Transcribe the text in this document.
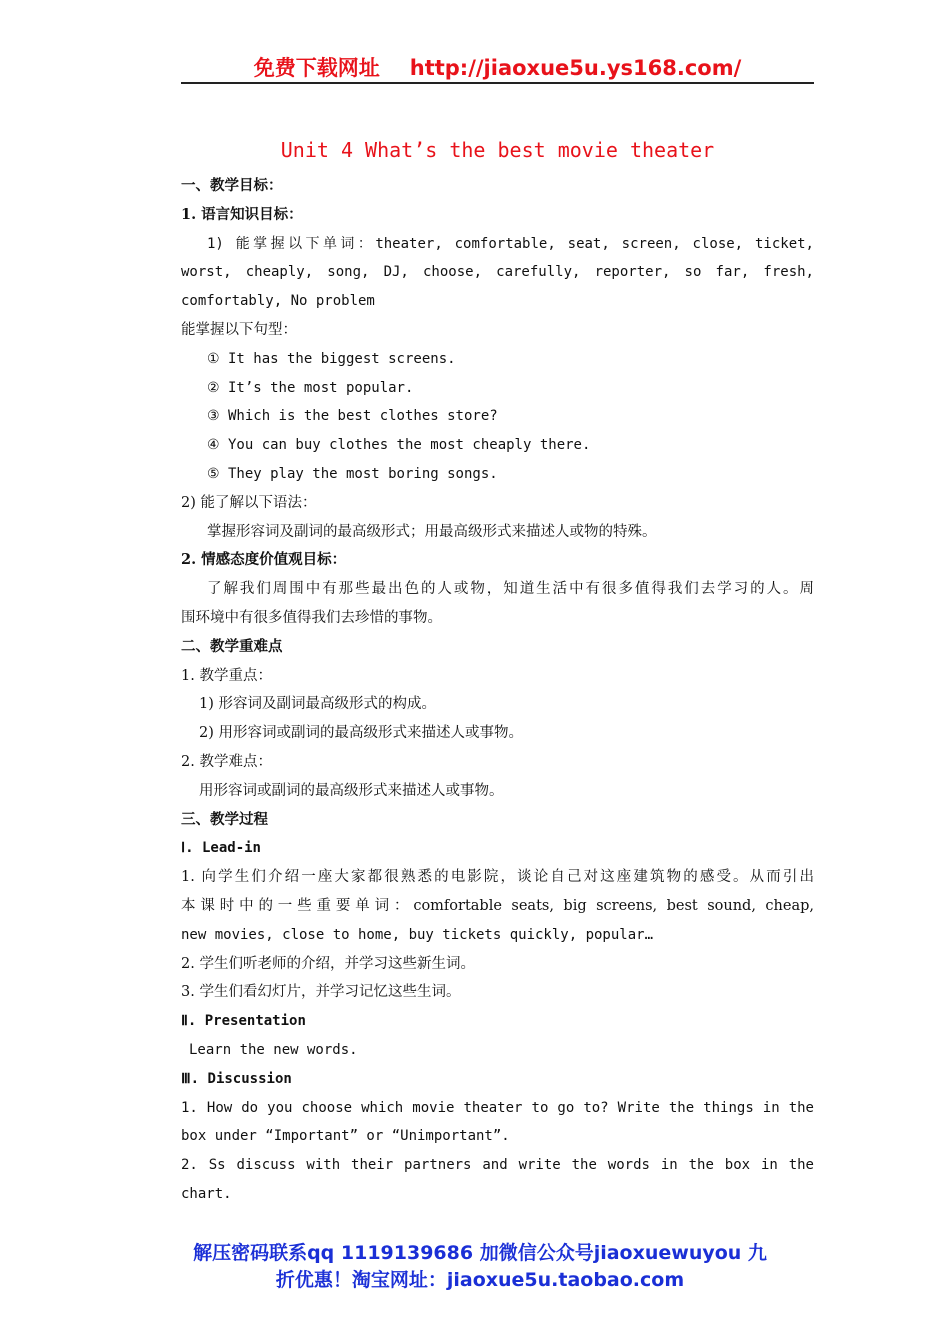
免费下载网址 http://jiaoxue5u.ys168.com/
Unit 4 What’s the best movie theater
一、教学目标：
1. 语言知识目标：
1) 能掌握以下单词：theater, comfortable, seat, screen, close, ticket,
worst, cheaply, song, DJ, choose, carefully, reporter, so far, fresh,
comfortably, No problem
能掌握以下句型：
① It has the biggest screens.
② It’s the most popular.
③ Which is the best clothes store?
④ You can buy clothes the most cheaply there.
⑤ They play the most boring songs.
2) 能了解以下语法：
掌握形容词及副词的最高级形式；用最高级形式来描述人或物的特殊。
2. 情感态度价值观目标：
了解我们周围中有那些最出色的人或物，知道生活中有很多值得我们去学习的人。周
围环境中有很多值得我们去珍惜的事物。
二、教学重难点
1. 教学重点：
1) 形容词及副词最高级形式的构成。
2) 用形容词或副词的最高级形式来描述人或事物。
2. 教学难点：
用形容词或副词的最高级形式来描述人或事物。
三、教学过程
Ⅰ. Lead-in
1. 向学生们介绍一座大家都很熟悉的电影院，谈论自己对这座建筑物的感受。从而引出
本课时中的一些重要单词：comfortable seats, big screens, best sound, cheap,
new movies, close to home, buy tickets quickly, popular…
2. 学生们听老师的介绍，并学习这些新生词。
3. 学生们看幻灯片，并学习记忆这些生词。
Ⅱ. Presentation
Learn the new words.
Ⅲ. Discussion
1. How do you choose which movie theater to go to? Write the things in the
box under “Important” or “Unimportant”.
2. Ss discuss with their partners and write the words in the box in the
chart.
解压密码联系qq 1119139686 加微信公众号jiaoxuewuyou 九
折优惠！淘宝网址：jiaoxue5u.taobao.com
